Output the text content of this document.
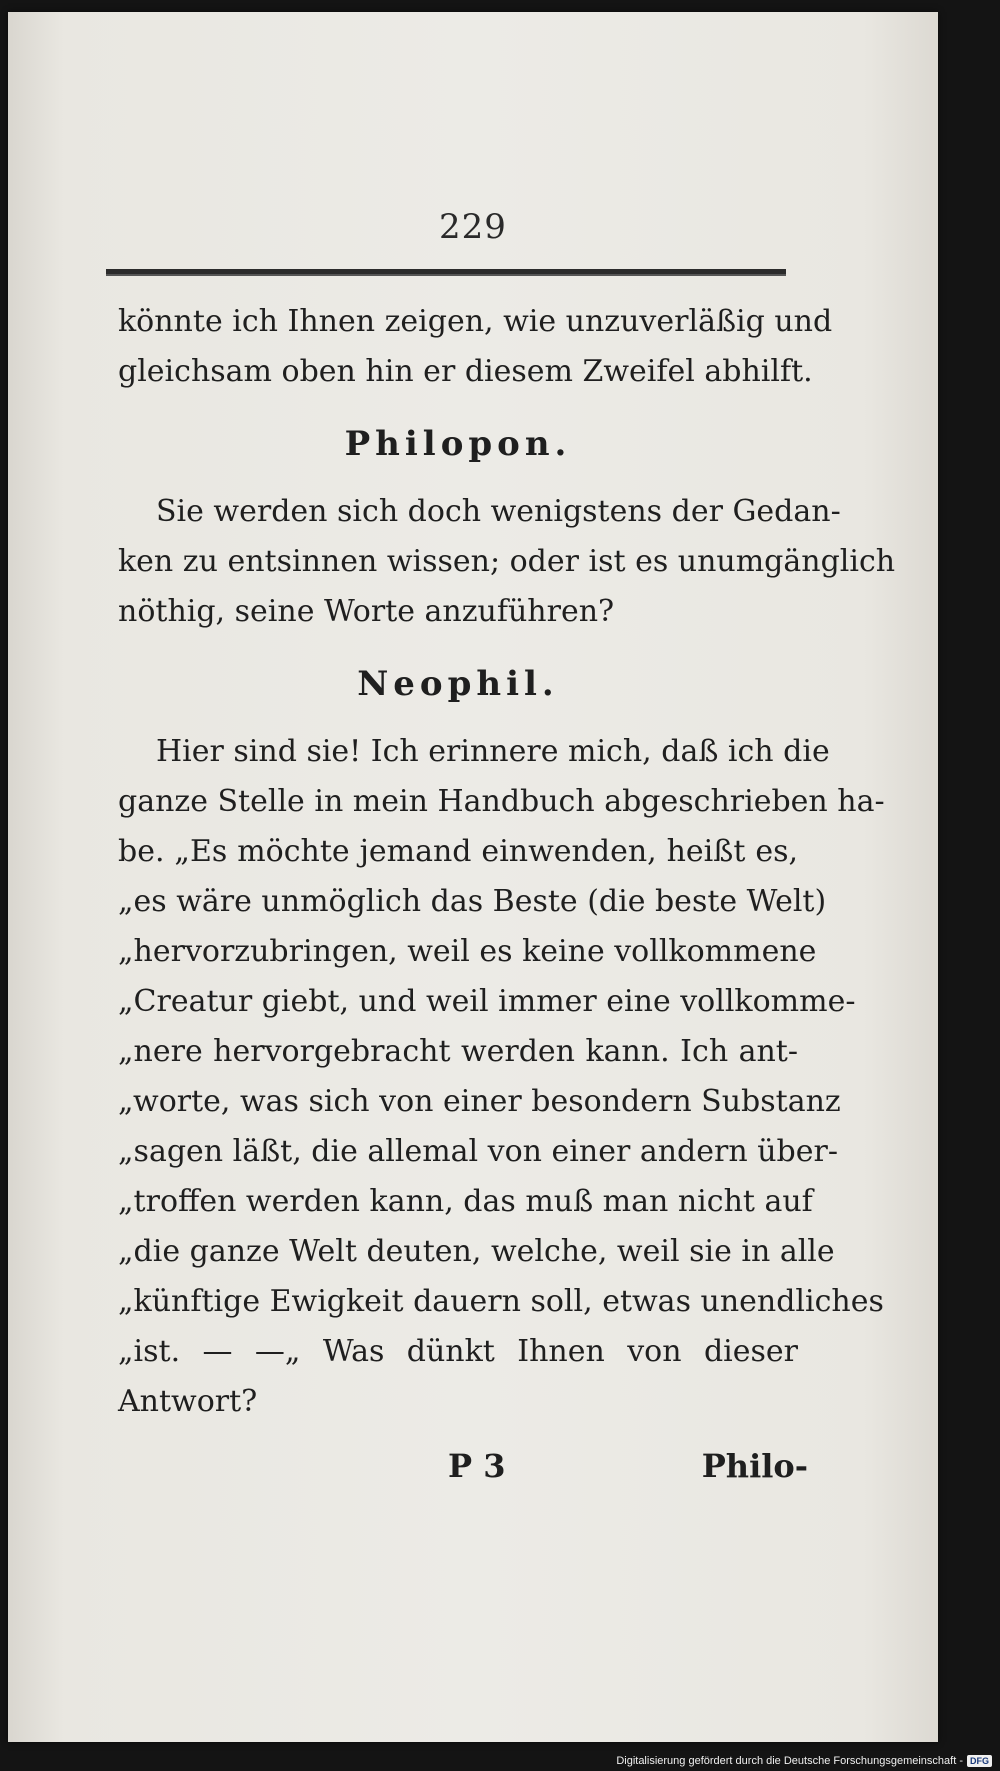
229
könnte ich Ihnen zeigen, wie unzuverläßig und
gleichsam oben hin er diesem Zweifel abhilft.
Philopon.
Sie werden sich doch wenigstens der Gedan-
ken zu entsinnen wissen; oder ist es unumgänglich
nöthig, seine Worte anzuführen?
Neophil.
Hier sind sie! Ich erinnere mich, daß ich die
ganze Stelle in mein Handbuch abgeschrieben ha-
be. „Es möchte jemand einwenden, heißt es,
„es wäre unmöglich das Beste (die beste Welt)
„hervorzubringen, weil es keine vollkommene
„Creatur giebt, und weil immer eine vollkomme-
„nere hervorgebracht werden kann. Ich ant-
„worte, was sich von einer besondern Substanz
„sagen läßt, die allemal von einer andern über-
„troffen werden kann, das muß man nicht auf
„die ganze Welt deuten, welche, weil sie in alle
„künftige Ewigkeit dauern soll, etwas unendliches
„ist. — —„ Was dünkt Ihnen von dieser
Antwort?
P 3	Philo-
Digitalisierung gefördert durch die Deutsche Forschungsgemeinschaft - DFG
